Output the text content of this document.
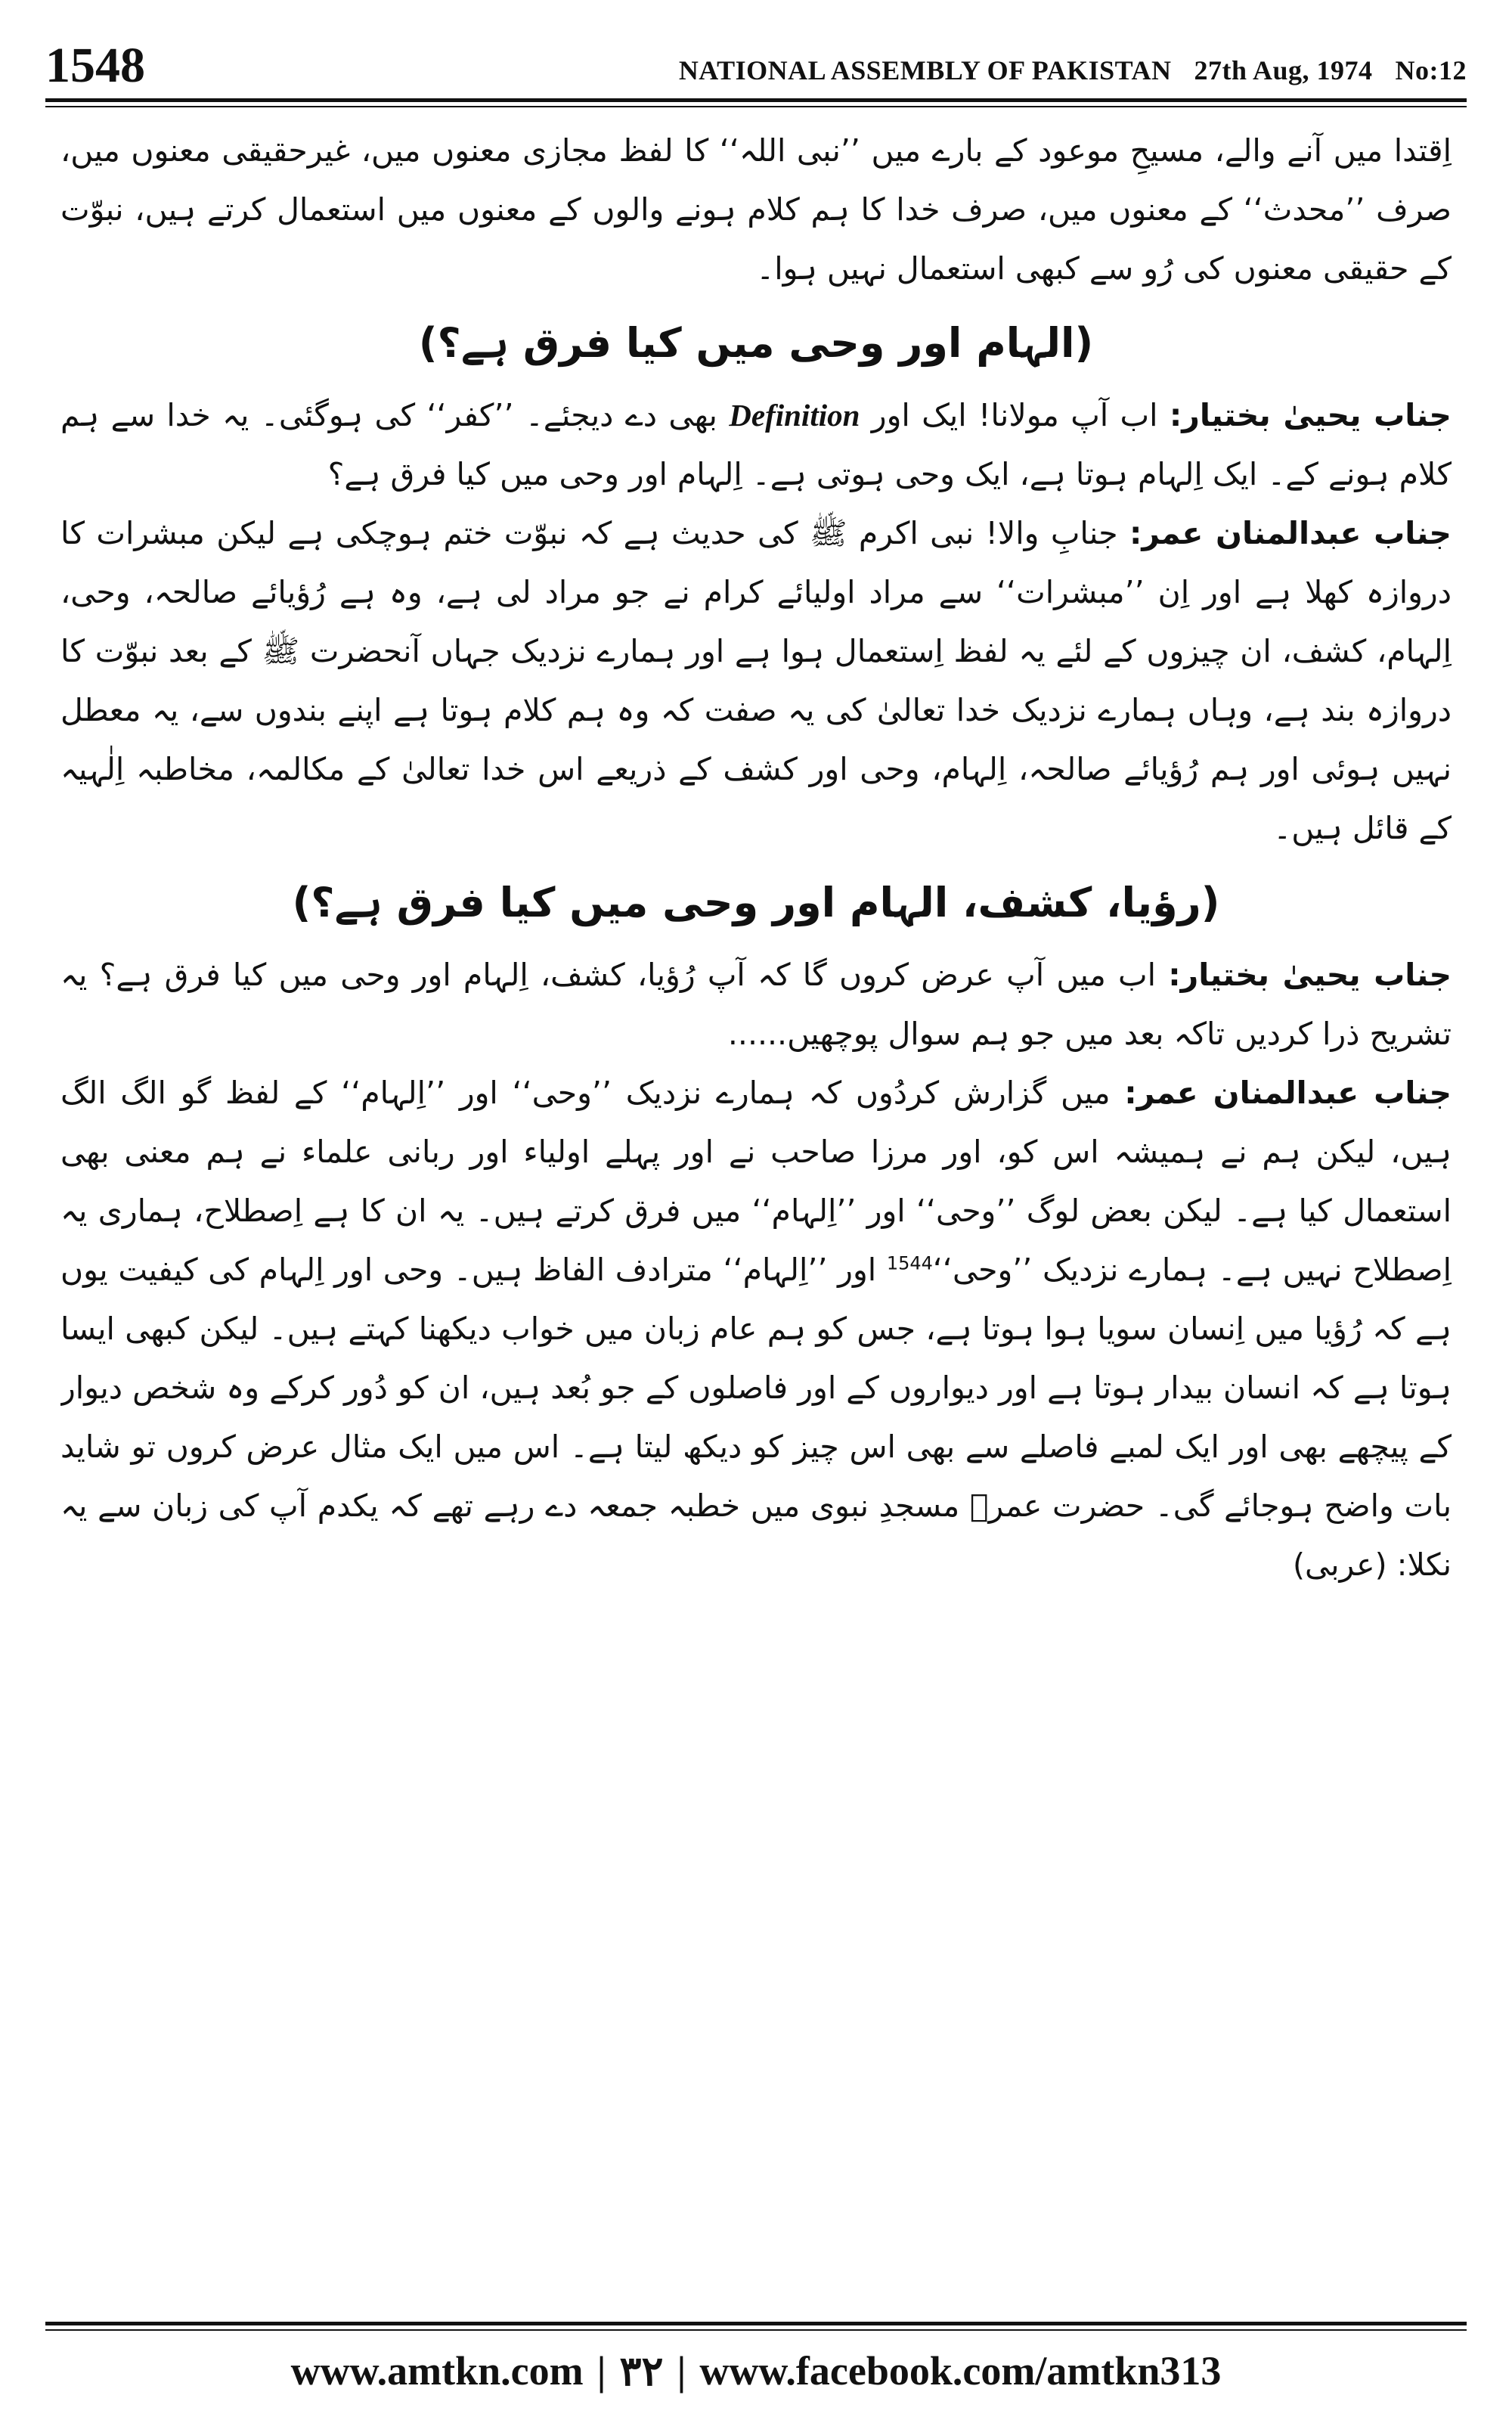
1548	NATIONAL ASSEMBLY OF PAKISTAN 27th Aug, 1974 No:12

اِقتدا میں آنے والے، مسیحِ موعود کے بارے میں ’’نبی اللہ‘‘ کا لفظ مجازی معنوں میں، غیرحقیقی معنوں میں، صرف ’’محدث‘‘ کے معنوں میں، صرف خدا کا ہم کلام ہونے والوں کے معنوں میں استعمال کرتے ہیں، نبوّت کے حقیقی معنوں کی رُو سے کبھی استعمال نہیں ہوا۔

(الہام اور وحی میں کیا فرق ہے؟)

جناب یحییٰ بختیار: اب آپ مولانا! ایک اور Definition بھی دے دیجئے۔ ’’کفر‘‘ کی ہوگئی۔ یہ خدا سے ہم کلام ہونے کے۔ ایک اِلہام ہوتا ہے، ایک وحی ہوتی ہے۔ اِلہام اور وحی میں کیا فرق ہے؟

جناب عبدالمنان عمر: جنابِ والا! نبی اکرم ﷺ کی حدیث ہے کہ نبوّت ختم ہوچکی ہے لیکن مبشرات کا دروازہ کھلا ہے اور اِن ’’مبشرات‘‘ سے مراد اولیائے کرام نے جو مراد لی ہے، وہ ہے رُؤیائے صالحہ، وحی، اِلہام، کشف، ان چیزوں کے لئے یہ لفظ اِستعمال ہوا ہے اور ہمارے نزدیک جہاں آنحضرت ﷺ کے بعد نبوّت کا دروازہ بند ہے، وہاں ہمارے نزدیک خدا تعالیٰ کی یہ صفت کہ وہ ہم کلام ہوتا ہے اپنے بندوں سے، یہ معطل نہیں ہوئی اور ہم رُؤیائے صالحہ، اِلہام، وحی اور کشف کے ذریعے اس خدا تعالیٰ کے مکالمہ، مخاطبہ اِلٰہیہ کے قائل ہیں۔

(رؤیا، کشف، الہام اور وحی میں کیا فرق ہے؟)

جناب یحییٰ بختیار: اب میں آپ عرض کروں گا کہ آپ رُؤیا، کشف، اِلہام اور وحی میں کیا فرق ہے؟ یہ تشریح ذرا کردیں تاکہ بعد میں جو ہم سوال پوچھیں......

جناب عبدالمنان عمر: میں گزارش کردُوں کہ ہمارے نزدیک ’’وحی‘‘ اور ’’اِلہام‘‘ کے لفظ گو الگ الگ ہیں، لیکن ہم نے ہمیشہ اس کو، اور مرزا صاحب نے اور پہلے اولیاء اور ربانی علماء نے ہم معنی بھی استعمال کیا ہے۔ لیکن بعض لوگ ’’وحی‘‘ اور ’’اِلہام‘‘ میں فرق کرتے ہیں۔ یہ ان کا ہے اِصطلاح، ہماری یہ اِصطلاح نہیں ہے۔ ہمارے نزدیک ’’وحی‘‘$^{1544}$ اور ’’اِلہام‘‘ مترادف الفاظ ہیں۔ وحی اور اِلہام کی کیفیت یوں ہے کہ رُؤیا میں اِنسان سویا ہوا ہوتا ہے، جس کو ہم عام زبان میں خواب دیکھنا کہتے ہیں۔ لیکن کبھی ایسا ہوتا ہے کہ انسان بیدار ہوتا ہے اور دیواروں کے اور فاصلوں کے جو بُعد ہیں، ان کو دُور کرکے وہ شخص دیوار کے پیچھے بھی اور ایک لمبے فاصلے سے بھی اس چیز کو دیکھ لیتا ہے۔ اس میں ایک مثال عرض کروں تو شاید بات واضح ہوجائے گی۔ حضرت عمرؓ مسجدِ نبوی میں خطبہ جمعہ دے رہے تھے کہ یکدم آپ کی زبان سے یہ نکلا: (عربی)

www.amtkn.com | ۳۲ | www.facebook.com/amtkn313
